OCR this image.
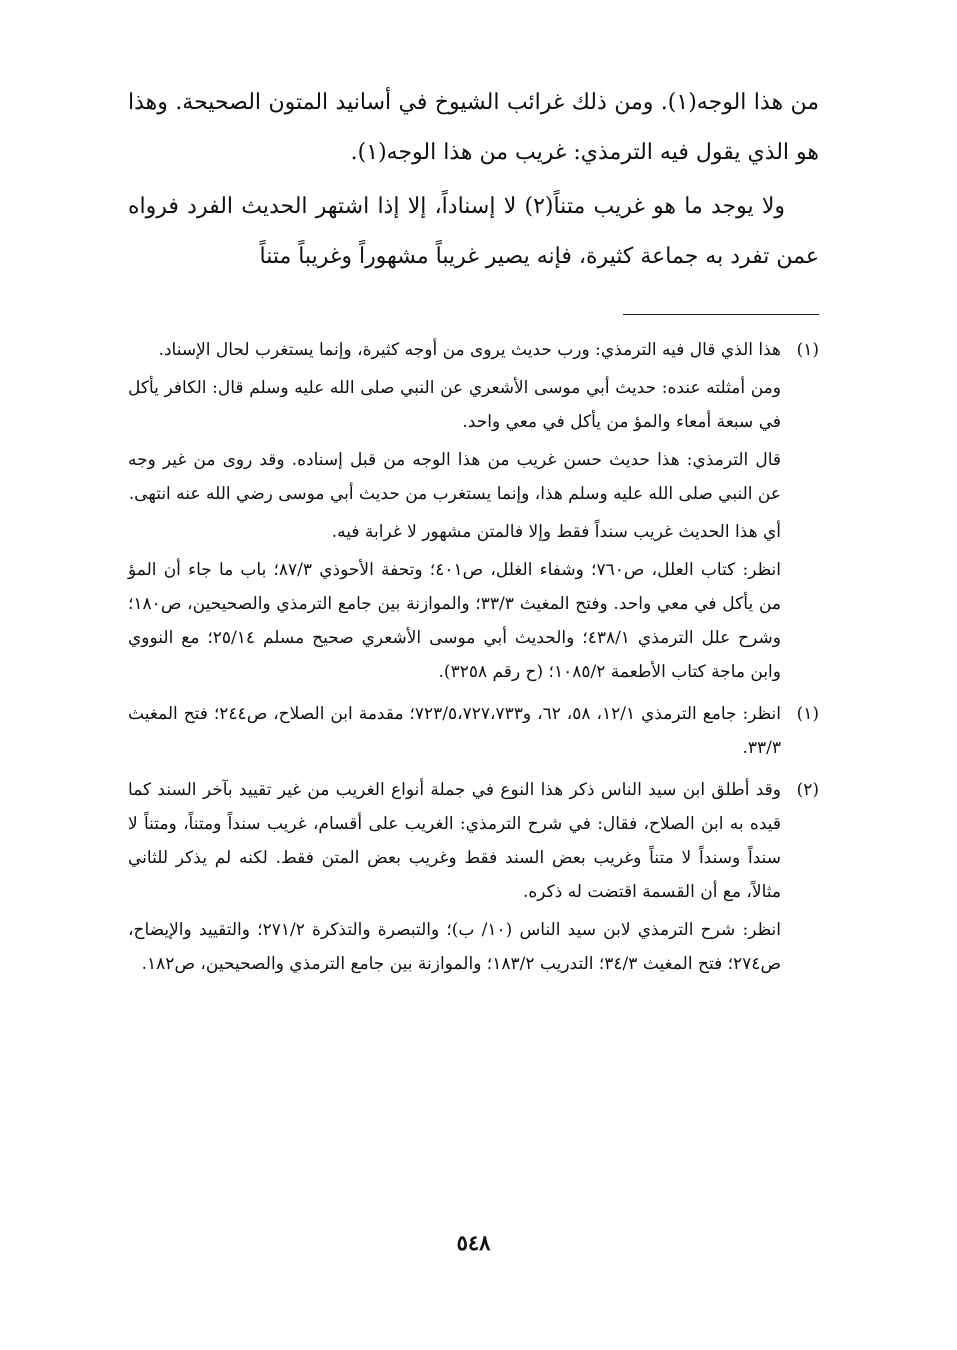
من هذا الوجه(١). ومن ذلك غرائب الشيوخ في أسانيد المتون الصحيحة. وهذا هو الذي يقول فيه الترمذي: غريب من هذا الوجه(١).

ولا يوجد ما هو غريب متناً(٢) لا إسناداً، إلا إذا اشتهر الحديث الفرد فرواه عمن تفرد به جماعة كثيرة، فإنه يصير غريباً مشهوراً وغريباً متناً

(١)

هذا الذي قال فيه الترمذي: ورب حديث يروى من أوجه كثيرة، وإنما يستغرب لحال الإسناد.

ومن أمثلته عنده: حديث أبي موسى الأشعري عن النبي صلى الله عليه وسلم قال: الكافر يأكل في سبعة أمعاء والمؤ من يأكل في معي واحد.

قال الترمذي: هذا حديث حسن غريب من هذا الوجه من قبل إسناده. وقد روى من غير وجه عن النبي صلى الله عليه وسلم هذا، وإنما يستغرب من حديث أبي موسى رضي الله عنه انتهى.

أي هذا الحديث غريب سنداً فقط وإلا فالمتن مشهور لا غرابة فيه.

انظر: كتاب العلل، ص٧٦٠؛ وشفاء الغلل، ص٤٠١؛ وتحفة الأحوذي ٨٧/٣؛ باب ما جاء أن المؤ من يأكل في معي واحد. وفتح المغيث ٣٣/٣؛ والموازنة بين جامع الترمذي والصحيحين، ص١٨٠؛ وشرح علل الترمذي ٤٣٨/١؛ والحديث أبي موسى الأشعري صحيح مسلم ٢٥/١٤؛ مع النووي وابن ماجة كتاب الأطعمة ١٠٨٥/٢؛ (ح رقم ٣٢٥٨).

(١)

انظر: جامع الترمذي ١٢/١، ٥٨، ٦٢، و٧٢٣/٥،٧٢٧،٧٣٣؛ مقدمة ابن الصلاح، ص٢٤٤؛ فتح المغيث ٣٣/٣.

(٢)

وقد أطلق ابن سيد الناس ذكر هذا النوع في جملة أنواع الغريب من غير تقييد بآخر السند كما قيده به ابن الصلاح، فقال: في شرح الترمذي: الغريب على أقسام، غريب سنداً ومتناً، ومتناً لا سنداً وسنداً لا متناً وغريب بعض السند فقط وغريب بعض المتن فقط. لكنه لم يذكر للثاني مثالاً، مع أن القسمة اقتضت له ذكره.

انظر: شرح الترمذي لابن سيد الناس (١٠/ ب)؛ والتبصرة والتذكرة ٢٧١/٢؛ والتقييد والإيضاح، ص٢٧٤؛ فتح المغيث ٣٤/٣؛ التدريب ١٨٣/٢؛ والموازنة بين جامع الترمذي والصحيحين، ص١٨٢.

٥٤٨
